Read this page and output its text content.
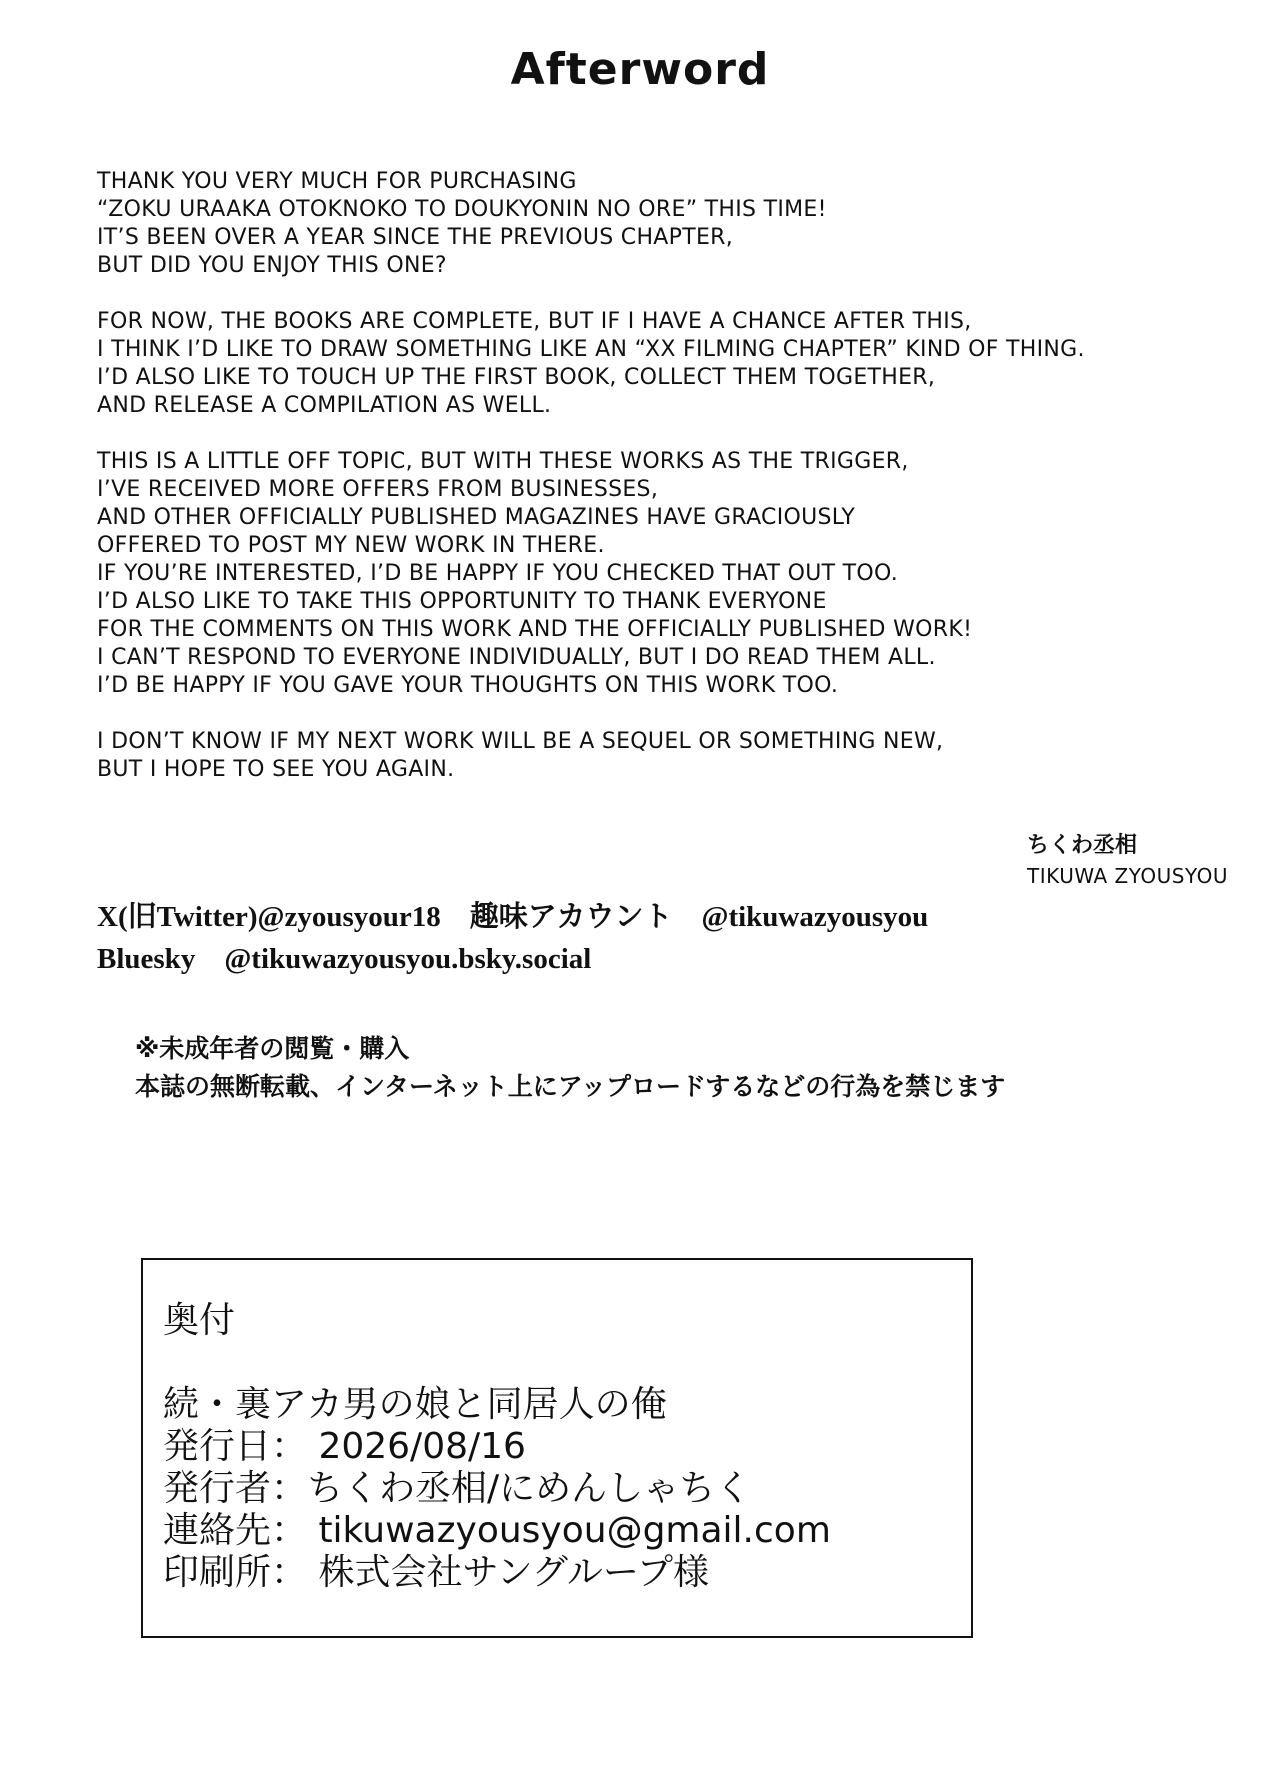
Afterword
THANK YOU VERY MUCH FOR PURCHASING
“ZOKU URAAKA OTOKNOKO TO DOUKYONIN NO ORE” THIS TIME!
IT’S BEEN OVER A YEAR SINCE THE PREVIOUS CHAPTER,
BUT DID YOU ENJOY THIS ONE?
FOR NOW, THE BOOKS ARE COMPLETE, BUT IF I HAVE A CHANCE AFTER THIS,
I THINK I’D LIKE TO DRAW SOMETHING LIKE AN “XX FILMING CHAPTER” KIND OF THING.
I’D ALSO LIKE TO TOUCH UP THE FIRST BOOK, COLLECT THEM TOGETHER,
AND RELEASE A COMPILATION AS WELL.
THIS IS A LITTLE OFF TOPIC, BUT WITH THESE WORKS AS THE TRIGGER,
I’VE RECEIVED MORE OFFERS FROM BUSINESSES,
AND OTHER OFFICIALLY PUBLISHED MAGAZINES HAVE GRACIOUSLY
OFFERED TO POST MY NEW WORK IN THERE.
IF YOU’RE INTERESTED, I’D BE HAPPY IF YOU CHECKED THAT OUT TOO.
I’D ALSO LIKE TO TAKE THIS OPPORTUNITY TO THANK EVERYONE
FOR THE COMMENTS ON THIS WORK AND THE OFFICIALLY PUBLISHED WORK!
I CAN’T RESPOND TO EVERYONE INDIVIDUALLY, BUT I DO READ THEM ALL.
I’D BE HAPPY IF YOU GAVE YOUR THOUGHTS ON THIS WORK TOO.
I DON’T KNOW IF MY NEXT WORK WILL BE A SEQUEL OR SOMETHING NEW,
BUT I HOPE TO SEE YOU AGAIN.
ちくわ丞相
TIKUWA ZYOUSYOU
X(旧Twitter)@zyousyour18　趣味アカウント　@tikuwazyousyou
Bluesky　@tikuwazyousyou.bsky.social
※未成年者の閲覧・購入
本誌の無断転載、インターネット上にアップロードするなどの行為を禁じます
奥付
続・裏アカ男の娘と同居人の俺
発行日： 2026/08/16
発行者：ちくわ丞相/にめんしゃちく
連絡先： tikuwazyousyou@gmail.com
印刷所： 株式会社サングループ様
